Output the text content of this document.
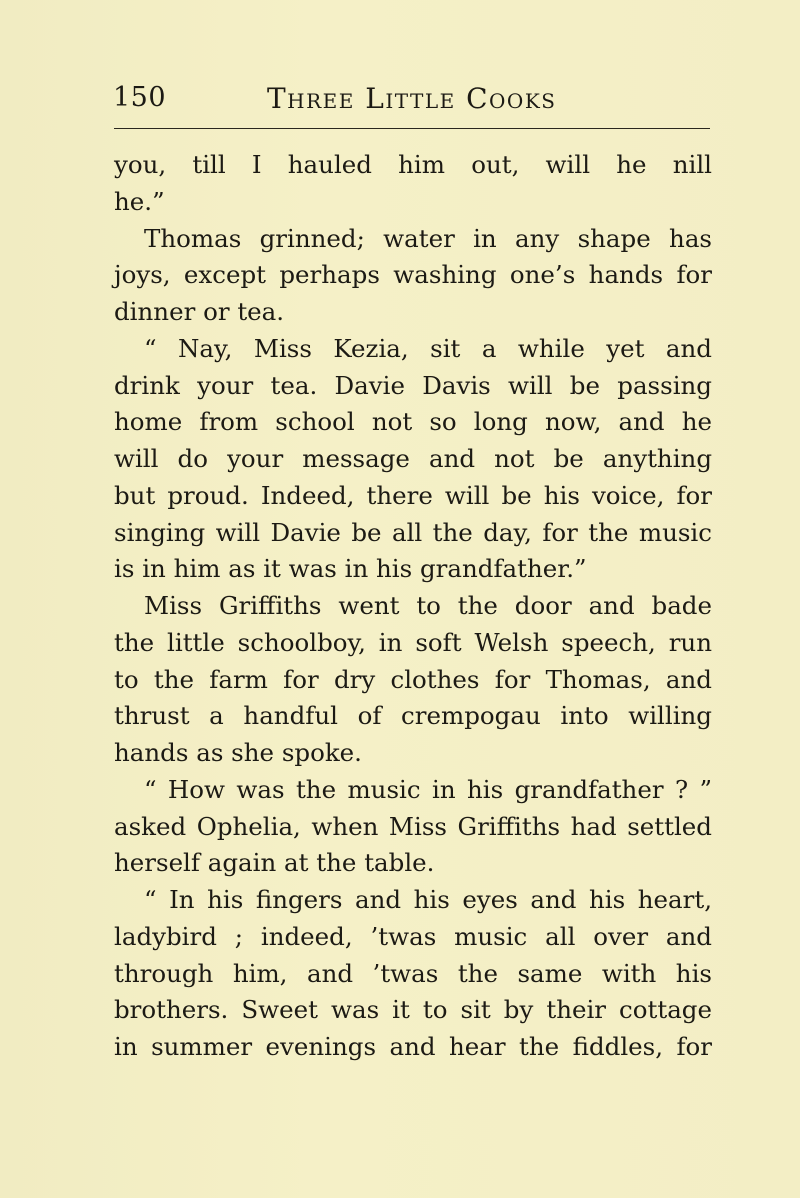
150	Three Little Cooks
you, till I hauled him out, will he nill
he.”
Thomas grinned; water in any shape has
joys, except perhaps washing one’s hands for
dinner or tea.
“ Nay, Miss Kezia, sit a while yet and
drink your tea. Davie Davis will be passing
home from school not so long now, and he
will do your message and not be anything
but proud. Indeed, there will be his voice, for
singing will Davie be all the day, for the music
is in him as it was in his grandfather.”
Miss Griffiths went to the door and bade
the little schoolboy, in soft Welsh speech, run
to the farm for dry clothes for Thomas, and
thrust a handful of crempogau into willing
hands as she spoke.
“ How was the music in his grandfather ? ”
asked Ophelia, when Miss Griffiths had settled
herself again at the table.
“ In his fingers and his eyes and his heart,
ladybird ; indeed, ’twas music all over and
through him, and ’twas the same with his
brothers. Sweet was it to sit by their cottage
in summer evenings and hear the fiddles, for
